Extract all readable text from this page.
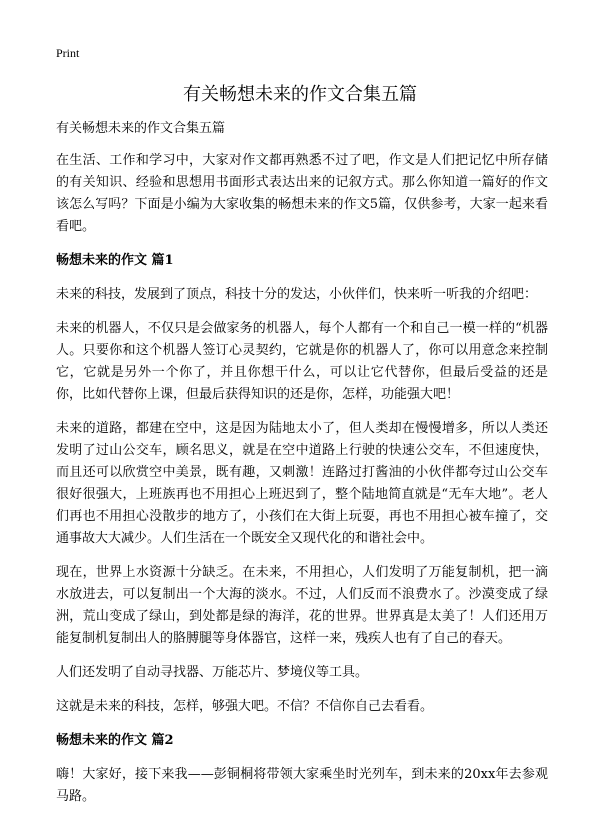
Print
有关畅想未来的作文合集五篇

有关畅想未来的作文合集五篇

在生活、工作和学习中，大家对作文都再熟悉不过了吧，作文是人们把记忆中所存储的有关知识、经验和思想用书面形式表达出来的记叙方式。那么你知道一篇好的作文该怎么写吗？下面是小编为大家收集的畅想未来的作文5篇，仅供参考，大家一起来看看吧。

畅想未来的作文 篇1

未来的科技，发展到了顶点，科技十分的发达，小伙伴们，快来听一听我的介绍吧：

未来的机器人，不仅只是会做家务的机器人，每个人都有一个和自己一模一样的“机器人。只要你和这个机器人签订心灵契约，它就是你的机器人了，你可以用意念来控制它，它就是另外一个你了，并且你想干什么，可以让它代替你，但最后受益的还是你，比如代替你上课，但最后获得知识的还是你，怎样，功能强大吧！

未来的道路，都建在空中，这是因为陆地太小了，但人类却在慢慢增多，所以人类还发明了过山公交车，顾名思义，就是在空中道路上行驶的快速公交车，不但速度快，而且还可以欣赏空中美景，既有趣，又刺激！连路过打酱油的小伙伴都夸过山公交车很好很强大，上班族再也不用担心上班迟到了，整个陆地简直就是“无车大地”。老人们再也不用担心没散步的地方了，小孩们在大街上玩耍，再也不用担心被车撞了，交通事故大大减少。人们生活在一个既安全又现代化的和谐社会中。

现在，世界上水资源十分缺乏。在未来，不用担心，人们发明了万能复制机，把一滴水放进去，可以复制出一个大海的淡水。不过，人们反而不浪费水了。沙漠变成了绿洲，荒山变成了绿山，到处都是绿的海洋，花的世界。世界真是太美了！人们还用万能复制机复制出人的胳膊腿等身体器官，这样一来，残疾人也有了自己的春天。

人们还发明了自动寻找器、万能芯片、梦境仪等工具。

这就是未来的科技，怎样，够强大吧。不信？不信你自己去看看。

畅想未来的作文 篇2

嗨！大家好，接下来我——彭铜桐将带领大家乘坐时光列车，到未来的20xx年去参观马路。
